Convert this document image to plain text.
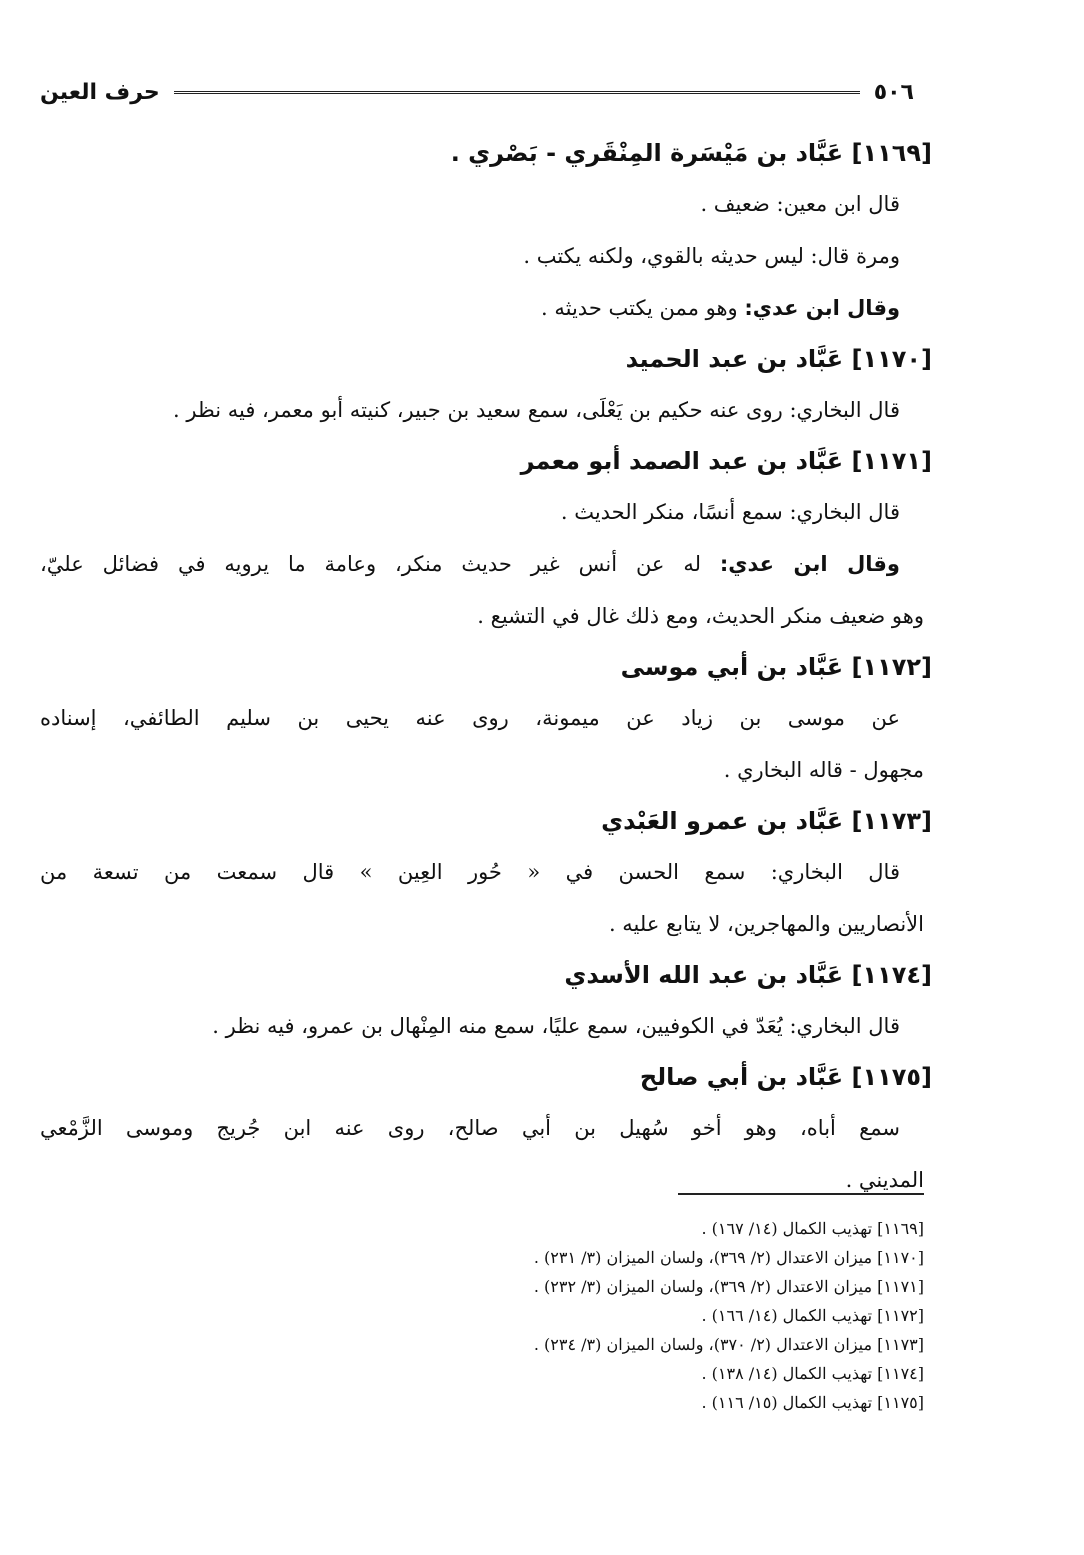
٥٠٦
حرف العين
[١١٦٩] عَبَّاد بن مَيْسَرة المِنْقَري - بَصْري .

قال ابن معين: ضعيف .

ومرة قال: ليس حديثه بالقوي، ولكنه يكتب .

وقال ابن عدي: وهو ممن يكتب حديثه .

[١١٧٠] عَبَّاد بن عبد الحميد

قال البخاري: روى عنه حكيم بن يَعْلَى، سمع سعيد بن جبير، كنيته أبو معمر، فيه نظر .

[١١٧١] عَبَّاد بن عبد الصمد أبو معمر

قال البخاري: سمع أنسًا، منكر الحديث .

وقال ابن عدي: له عن أنس غير حديث منكر، وعامة ما يرويه في فضائل عليّ،
وهو ضعيف منكر الحديث، ومع ذلك غال في التشيع .

[١١٧٢] عَبَّاد بن أبي موسى

عن موسى بن زياد عن ميمونة، روى عنه يحيى بن سليم الطائفي، إسناده
مجهول - قاله البخاري .

[١١٧٣] عَبَّاد بن عمرو العَبْدي

قال البخاري: سمع الحسن في « حُور العِين » قال سمعت من تسعة من
الأنصاريين والمهاجرين، لا يتابع عليه .

[١١٧٤] عَبَّاد بن عبد الله الأسدي

قال البخاري: يُعَدّ في الكوفيين، سمع عليًا، سمع منه المِنْهال بن عمرو، فيه نظر .

[١١٧٥] عَبَّاد بن أبي صالح

سمع أباه، وهو أخو سُهيل بن أبي صالح، روى عنه ابن جُريج وموسى الزَّمْعي
المديني .

[١١٦٩] تهذيب الكمال (١٤/ ١٦٧) .
[١١٧٠] ميزان الاعتدال (٢/ ٣٦٩)، ولسان الميزان (٣/ ٢٣١) .
[١١٧١] ميزان الاعتدال (٢/ ٣٦٩)، ولسان الميزان (٣/ ٢٣٢) .
[١١٧٢] تهذيب الكمال (١٤/ ١٦٦) .
[١١٧٣] ميزان الاعتدال (٢/ ٣٧٠)، ولسان الميزان (٣/ ٢٣٤) .
[١١٧٤] تهذيب الكمال (١٤/ ١٣٨) .
[١١٧٥] تهذيب الكمال (١٥/ ١١٦) .
